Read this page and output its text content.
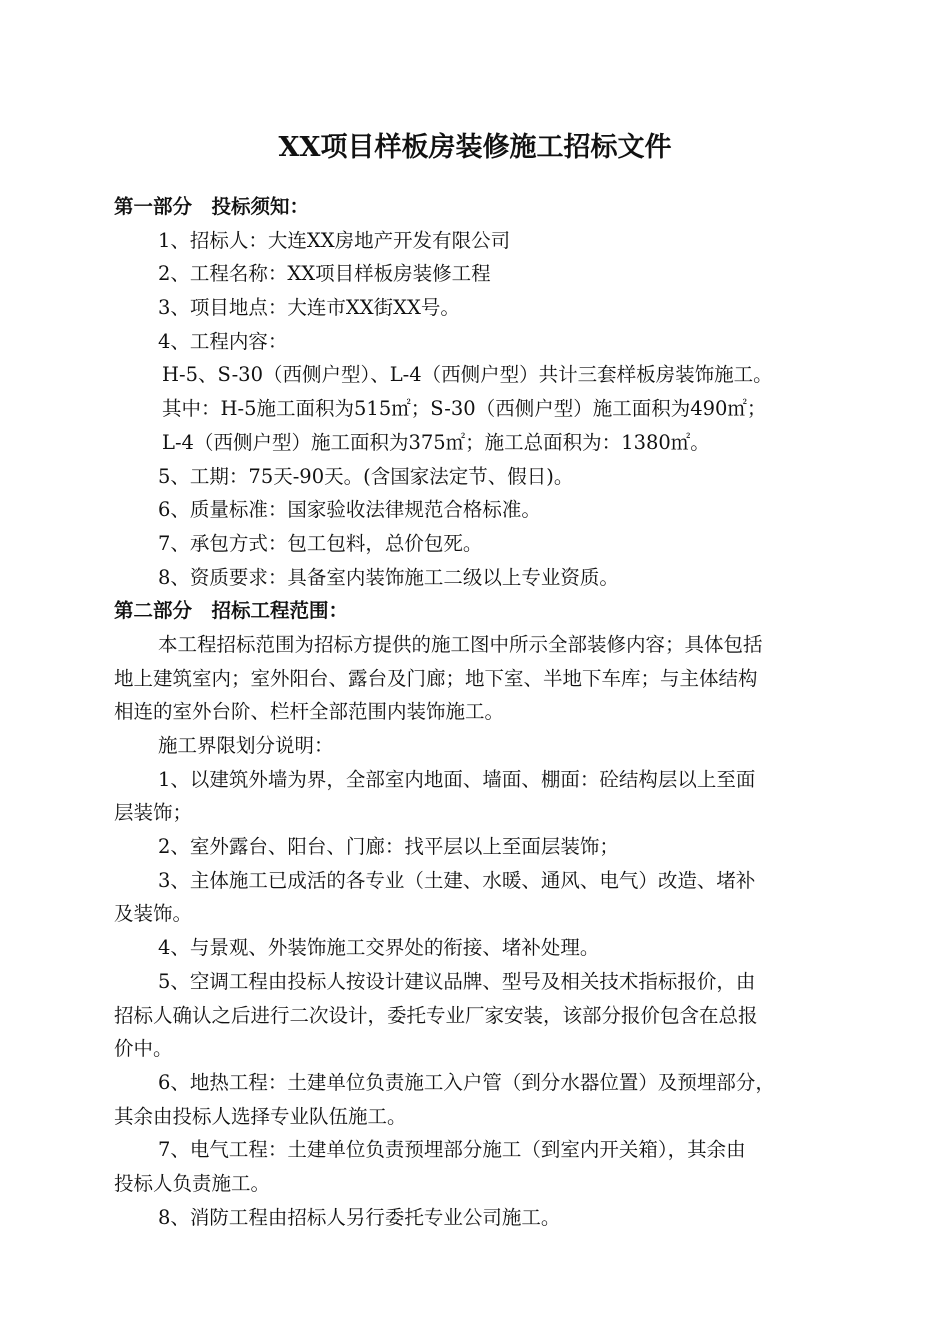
XX项目样板房装修施工招标文件
第一部分　投标须知：
1、招标人：大连XX房地产开发有限公司
2、工程名称：XX项目样板房装修工程
3、项目地点：大连市XX街XX号。
4、工程内容：
H-5、S-30（西侧户型）、L-4（西侧户型）共计三套样板房装饰施工。
其中：H-5施工面积为515㎡；S-30（西侧户型）施工面积为490㎡；
L-4（西侧户型）施工面积为375㎡；施工总面积为：1380㎡。
5、工期：75天-90天。(含国家法定节、假日)。
6、质量标准：国家验收法律规范合格标准。
7、承包方式：包工包料，总价包死。
8、资质要求：具备室内装饰施工二级以上专业资质。
第二部分　招标工程范围：
本工程招标范围为招标方提供的施工图中所示全部装修内容；具体包括
地上建筑室内；室外阳台、露台及门廊；地下室、半地下车库；与主体结构
相连的室外台阶、栏杆全部范围内装饰施工。
施工界限划分说明：
1、以建筑外墙为界，全部室内地面、墙面、棚面：砼结构层以上至面
层装饰；
2、室外露台、阳台、门廊：找平层以上至面层装饰；
3、主体施工已成活的各专业（土建、水暖、通风、电气）改造、堵补
及装饰。
4、与景观、外装饰施工交界处的衔接、堵补处理。
5、空调工程由投标人按设计建议品牌、型号及相关技术指标报价，由
招标人确认之后进行二次设计，委托专业厂家安装，该部分报价包含在总报
价中。
6、地热工程：土建单位负责施工入户管（到分水器位置）及预埋部分，
其余由投标人选择专业队伍施工。
7、电气工程：土建单位负责预埋部分施工（到室内开关箱），其余由
投标人负责施工。
8、消防工程由招标人另行委托专业公司施工。
